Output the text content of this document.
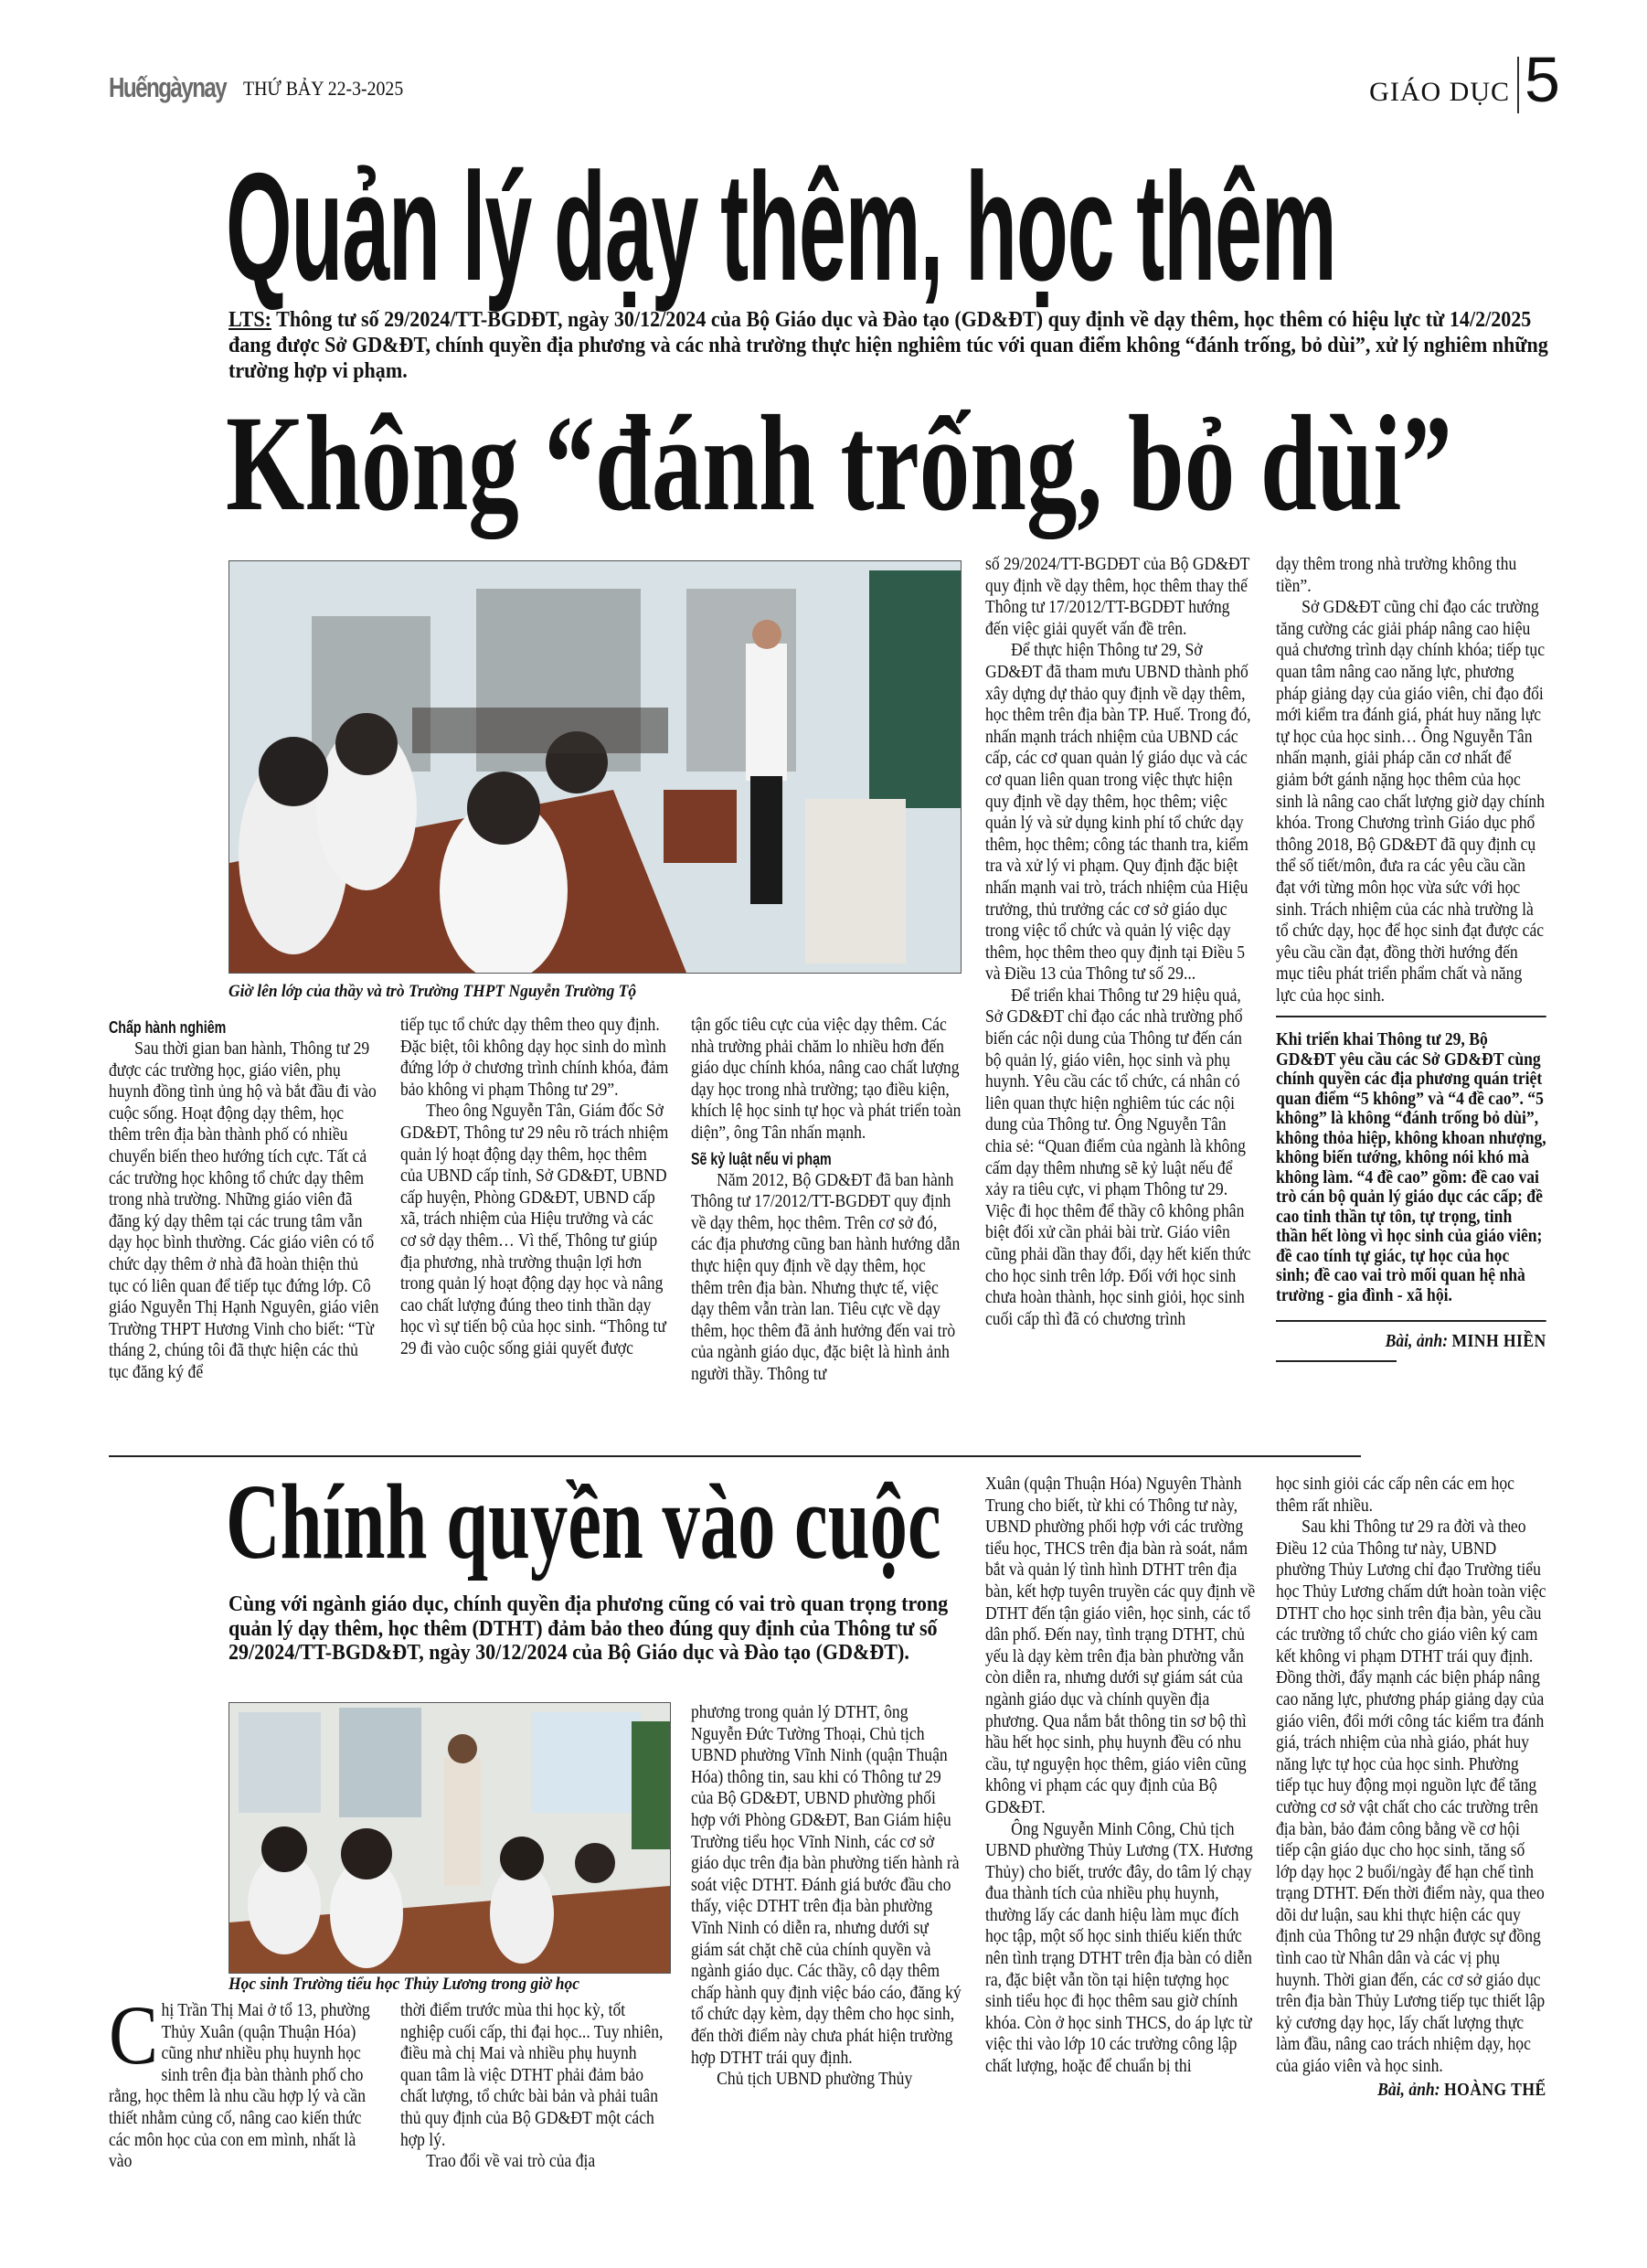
Huếngàynay THỨ BẢY 22-3-2025	GIÁO DỤC 5
Quản lý dạy thêm, học thêm
LTS: Thông tư số 29/2024/TT-BGDĐT, ngày 30/12/2024 của Bộ Giáo dục và Đào tạo (GD&ĐT) quy định về dạy thêm, học thêm có hiệu lực từ 14/2/2025 đang được Sở GD&ĐT, chính quyền địa phương và các nhà trường thực hiện nghiêm túc với quan điểm không “đánh trống, bỏ dùi”, xử lý nghiêm những trường hợp vi phạm.
Không “đánh trống, bỏ dùi”
Giờ lên lớp của thầy và trò Trường THPT Nguyễn Trường Tộ
Chấp hành nghiêm

Sau thời gian ban hành, Thông tư 29 được các trường học, giáo viên, phụ huynh đồng tình ủng hộ và bắt đầu đi vào cuộc sống. Hoạt động dạy thêm, học thêm trên địa bàn thành phố có nhiều chuyển biến theo hướng tích cực. Tất cả các trường học không tổ chức dạy thêm trong nhà trường. Những giáo viên đã đăng ký dạy thêm tại các trung tâm vẫn dạy học bình thường. Các giáo viên có tổ chức dạy thêm ở nhà đã hoàn thiện thủ tục có liên quan để tiếp tục đứng lớp. Cô giáo Nguyễn Thị Hạnh Nguyên, giáo viên Trường THPT Hương Vinh cho biết: “Từ tháng 2, chúng tôi đã thực hiện các thủ tục đăng ký để

tiếp tục tổ chức dạy thêm theo quy định. Đặc biệt, tôi không dạy học sinh do mình đứng lớp ở chương trình chính khóa, đảm bảo không vi phạm Thông tư 29”.

Theo ông Nguyễn Tân, Giám đốc Sở GD&ĐT, Thông tư 29 nêu rõ trách nhiệm quản lý hoạt động dạy thêm, học thêm của UBND cấp tỉnh, Sở GD&ĐT, UBND cấp huyện, Phòng GD&ĐT, UBND cấp xã, trách nhiệm của Hiệu trưởng và các cơ sở dạy thêm… Vì thế, Thông tư giúp địa phương, nhà trường thuận lợi hơn trong quản lý hoạt động dạy học và nâng cao chất lượng đúng theo tinh thần dạy học vì sự tiến bộ của học sinh. “Thông tư 29 đi vào cuộc sống giải quyết được

tận gốc tiêu cực của việc dạy thêm. Các nhà trường phải chăm lo nhiều hơn đến giáo dục chính khóa, nâng cao chất lượng dạy học trong nhà trường; tạo điều kiện, khích lệ học sinh tự học và phát triển toàn diện”, ông Tân nhấn mạnh.

Sẽ kỷ luật nếu vi phạm

Năm 2012, Bộ GD&ĐT đã ban hành Thông tư 17/2012/TT-BGDĐT quy định về dạy thêm, học thêm. Trên cơ sở đó, các địa phương cũng ban hành hướng dẫn thực hiện quy định về dạy thêm, học thêm trên địa bàn. Nhưng thực tế, việc dạy thêm vẫn tràn lan. Tiêu cực về dạy thêm, học thêm đã ảnh hưởng đến vai trò của ngành giáo dục, đặc biệt là hình ảnh người thầy. Thông tư

số 29/2024/TT-BGDĐT của Bộ GD&ĐT quy định về dạy thêm, học thêm thay thế Thông tư 17/2012/TT-BGDĐT hướng đến việc giải quyết vấn đề trên.

Để thực hiện Thông tư 29, Sở GD&ĐT đã tham mưu UBND thành phố xây dựng dự thảo quy định về dạy thêm, học thêm trên địa bàn TP. Huế. Trong đó, nhấn mạnh trách nhiệm của UBND các cấp, các cơ quan quản lý giáo dục và các cơ quan liên quan trong việc thực hiện quy định về dạy thêm, học thêm; việc quản lý và sử dụng kinh phí tổ chức dạy thêm, học thêm; công tác thanh tra, kiểm tra và xử lý vi phạm. Quy định đặc biệt nhấn mạnh vai trò, trách nhiệm của Hiệu trưởng, thủ trưởng các cơ sở giáo dục trong việc tổ chức và quản lý việc dạy thêm, học thêm theo quy định tại Điều 5 và Điều 13 của Thông tư số 29...

Để triển khai Thông tư 29 hiệu quả, Sở GD&ĐT chỉ đạo các nhà trường phổ biến các nội dung của Thông tư đến cán bộ quản lý, giáo viên, học sinh và phụ huynh. Yêu cầu các tổ chức, cá nhân có liên quan thực hiện nghiêm túc các nội dung của Thông tư. Ông Nguyễn Tân chia sẻ: “Quan điểm của ngành là không cấm dạy thêm nhưng sẽ kỷ luật nếu để xảy ra tiêu cực, vi phạm Thông tư 29. Việc đi học thêm để thầy cô không phân biệt đối xử cần phải bài trừ. Giáo viên cũng phải dần thay đổi, dạy hết kiến thức cho học sinh trên lớp. Đối với học sinh chưa hoàn thành, học sinh giỏi, học sinh cuối cấp thì đã có chương trình

dạy thêm trong nhà trường không thu tiền”.

Sở GD&ĐT cũng chỉ đạo các trường tăng cường các giải pháp nâng cao hiệu quả chương trình dạy chính khóa; tiếp tục quan tâm nâng cao năng lực, phương pháp giảng dạy của giáo viên, chỉ đạo đổi mới kiểm tra đánh giá, phát huy năng lực tự học của học sinh… Ông Nguyễn Tân nhấn mạnh, giải pháp căn cơ nhất để giảm bớt gánh nặng học thêm của học sinh là nâng cao chất lượng giờ dạy chính khóa. Trong Chương trình Giáo dục phổ thông 2018, Bộ GD&ĐT đã quy định cụ thể số tiết/môn, đưa ra các yêu cầu cần đạt với từng môn học vừa sức với học sinh. Trách nhiệm của các nhà trường là tổ chức dạy, học để học sinh đạt được các yêu cầu cần đạt, đồng thời hướng đến mục tiêu phát triển phẩm chất và năng lực của học sinh.

Khi triển khai Thông tư 29, Bộ GD&ĐT yêu cầu các Sở GD&ĐT cùng chính quyền các địa phương quán triệt quan điểm “5 không” và “4 đề cao”. “5 không” là không “đánh trống bỏ dùi”, không thỏa hiệp, không khoan nhượng, không biến tướng, không nói khó mà không làm. “4 đề cao” gồm: đề cao vai trò cán bộ quản lý giáo dục các cấp; đề cao tinh thần tự tôn, tự trọng, tinh thần hết lòng vì học sinh của giáo viên; đề cao tính tự giác, tự học của học sinh; đề cao vai trò mối quan hệ nhà trường - gia đình - xã hội.

Bài, ảnh: MINH HIỀN
Chính quyền vào cuộc
Cùng với ngành giáo dục, chính quyền địa phương cũng có vai trò quan trọng trong quản lý dạy thêm, học thêm (DTHT) đảm bảo theo đúng quy định của Thông tư số 29/2024/TT-BGD&ĐT, ngày 30/12/2024 của Bộ Giáo dục và Đào tạo (GD&ĐT).
Học sinh Trường tiểu học Thủy Lương trong giờ học

Chị Trần Thị Mai ở tổ 13, phường Thủy Xuân (quận Thuận Hóa) cũng như nhiều phụ huynh học sinh trên địa bàn thành phố cho rằng, học thêm là nhu cầu hợp lý và cần thiết nhằm củng cố, nâng cao kiến thức các môn học của con em mình, nhất là vào

thời điểm trước mùa thi học kỳ, tốt nghiệp cuối cấp, thi đại học... Tuy nhiên, điều mà chị Mai và nhiều phụ huynh quan tâm là việc DTHT phải đảm bảo chất lượng, tổ chức bài bản và phải tuân thủ quy định của Bộ GD&ĐT một cách hợp lý.

Trao đổi về vai trò của địa

phương trong quản lý DTHT, ông Nguyễn Đức Tường Thoại, Chủ tịch UBND phường Vĩnh Ninh (quận Thuận Hóa) thông tin, sau khi có Thông tư 29 của Bộ GD&ĐT, UBND phường phối hợp với Phòng GD&ĐT, Ban Giám hiệu Trường tiểu học Vĩnh Ninh, các cơ sở giáo dục trên địa bàn phường tiến hành rà soát việc DTHT. Đánh giá bước đầu cho thấy, việc DTHT trên địa bàn phường Vĩnh Ninh có diễn ra, nhưng dưới sự giám sát chặt chẽ của chính quyền và ngành giáo dục. Các thầy, cô dạy thêm chấp hành quy định việc báo cáo, đăng ký tổ chức dạy kèm, dạy thêm cho học sinh, đến thời điểm này chưa phát hiện trường hợp DTHT trái quy định.

Chủ tịch UBND phường Thủy

Xuân (quận Thuận Hóa) Nguyên Thành Trung cho biết, từ khi có Thông tư này, UBND phường phối hợp với các trường tiểu học, THCS trên địa bàn rà soát, nắm bắt và quản lý tình hình DTHT trên địa bàn, kết hợp tuyên truyền các quy định về DTHT đến tận giáo viên, học sinh, các tổ dân phố. Đến nay, tình trạng DTHT, chủ yếu là dạy kèm trên địa bàn phường vẫn còn diễn ra, nhưng dưới sự giám sát của ngành giáo dục và chính quyền địa phương. Qua nắm bắt thông tin sơ bộ thì hầu hết học sinh, phụ huynh đều có nhu cầu, tự nguyện học thêm, giáo viên cũng không vi phạm các quy định của Bộ GD&ĐT.

Ông Nguyễn Minh Công, Chủ tịch UBND phường Thủy Lương (TX. Hương Thủy) cho biết, trước đây, do tâm lý chạy đua thành tích của nhiều phụ huynh, thường lấy các danh hiệu làm mục đích học tập, một số học sinh thiếu kiến thức nên tình trạng DTHT trên địa bàn có diễn ra, đặc biệt vẫn tồn tại hiện tượng học sinh tiểu học đi học thêm sau giờ chính khóa. Còn ở học sinh THCS, do áp lực từ việc thi vào lớp 10 các trường công lập chất lượng, hoặc để chuẩn bị thi

học sinh giỏi các cấp nên các em học thêm rất nhiều.

Sau khi Thông tư 29 ra đời và theo Điều 12 của Thông tư này, UBND phường Thủy Lương chỉ đạo Trường tiểu học Thủy Lương chấm dứt hoàn toàn việc DTHT cho học sinh trên địa bàn, yêu cầu các trường tổ chức cho giáo viên ký cam kết không vi phạm DTHT trái quy định. Đồng thời, đẩy mạnh các biện pháp nâng cao năng lực, phương pháp giảng dạy của giáo viên, đổi mới công tác kiểm tra đánh giá, trách nhiệm của nhà giáo, phát huy năng lực tự học của học sinh. Phường tiếp tục huy động mọi nguồn lực để tăng cường cơ sở vật chất cho các trường trên địa bàn, bảo đảm công bằng về cơ hội tiếp cận giáo dục cho học sinh, tăng số lớp dạy học 2 buổi/ngày để hạn chế tình trạng DTHT. Đến thời điểm này, qua theo dõi dư luận, sau khi thực hiện các quy định của Thông tư 29 nhận được sự đồng tình cao từ Nhân dân và các vị phụ huynh. Thời gian đến, các cơ sở giáo dục trên địa bàn Thủy Lương tiếp tục thiết lập kỷ cương dạy học, lấy chất lượng thực làm đầu, nâng cao trách nhiệm dạy, học của giáo viên và học sinh.

Bài, ảnh: HOÀNG THẾ
